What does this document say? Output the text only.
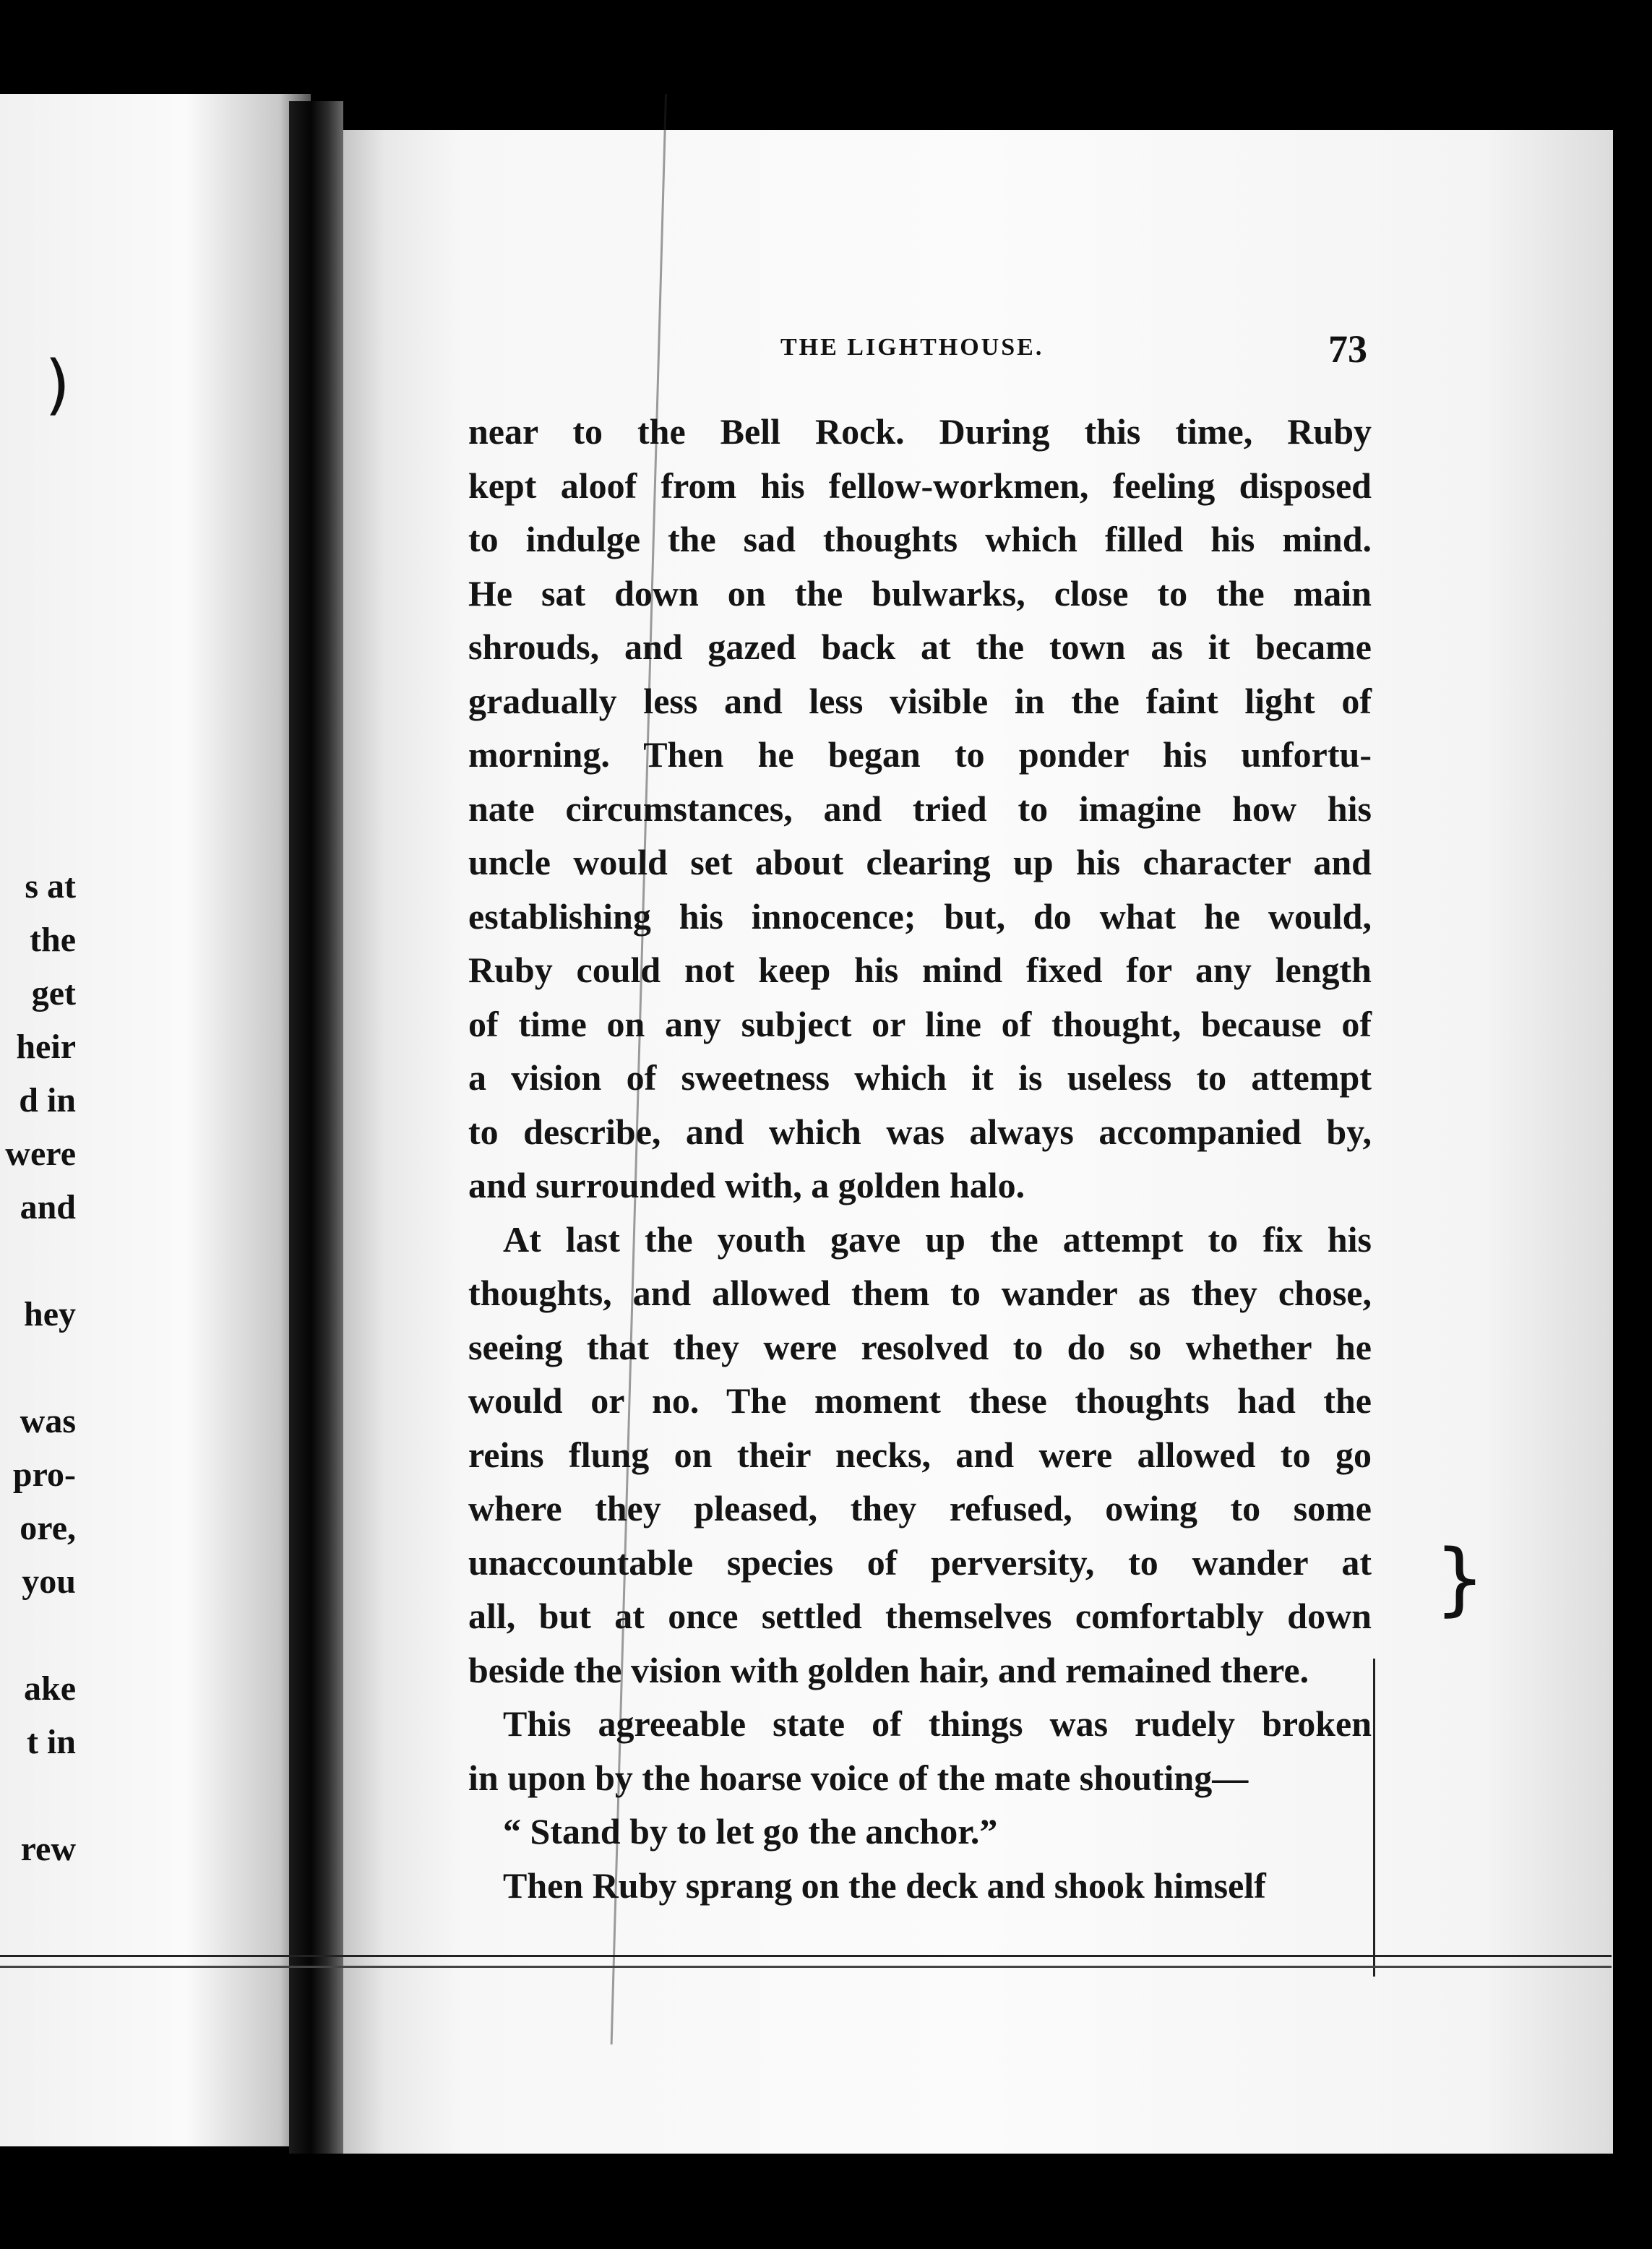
s at
the
get
heir
d in
were
and
hey
was
pro-
ore,
you
ake
t in
rew
THE LIGHTHOUSE.	73
near to the Bell Rock. During this time, Ruby
kept aloof from his fellow-workmen, feeling disposed
to indulge the sad thoughts which filled his mind.
He sat down on the bulwarks, close to the main
shrouds, and gazed back at the town as it became
gradually less and less visible in the faint light of
morning. Then he began to ponder his unfortu-
nate circumstances, and tried to imagine how his
uncle would set about clearing up his character and
establishing his innocence; but, do what he would,
Ruby could not keep his mind fixed for any length
of time on any subject or line of thought, because of
a vision of sweetness which it is useless to attempt
to describe, and which was always accompanied by,
and surrounded with, a golden halo.
At last the youth gave up the attempt to fix his
thoughts, and allowed them to wander as they chose,
seeing that they were resolved to do so whether he
would or no. The moment these thoughts had the
reins flung on their necks, and were allowed to go
where they pleased, they refused, owing to some
unaccountable species of perversity, to wander at
all, but at once settled themselves comfortably down
beside the vision with golden hair, and remained there.
This agreeable state of things was rudely broken
in upon by the hoarse voice of the mate shouting—
“ Stand by to let go the anchor.”
Then Ruby sprang on the deck and shook himself
)
}
